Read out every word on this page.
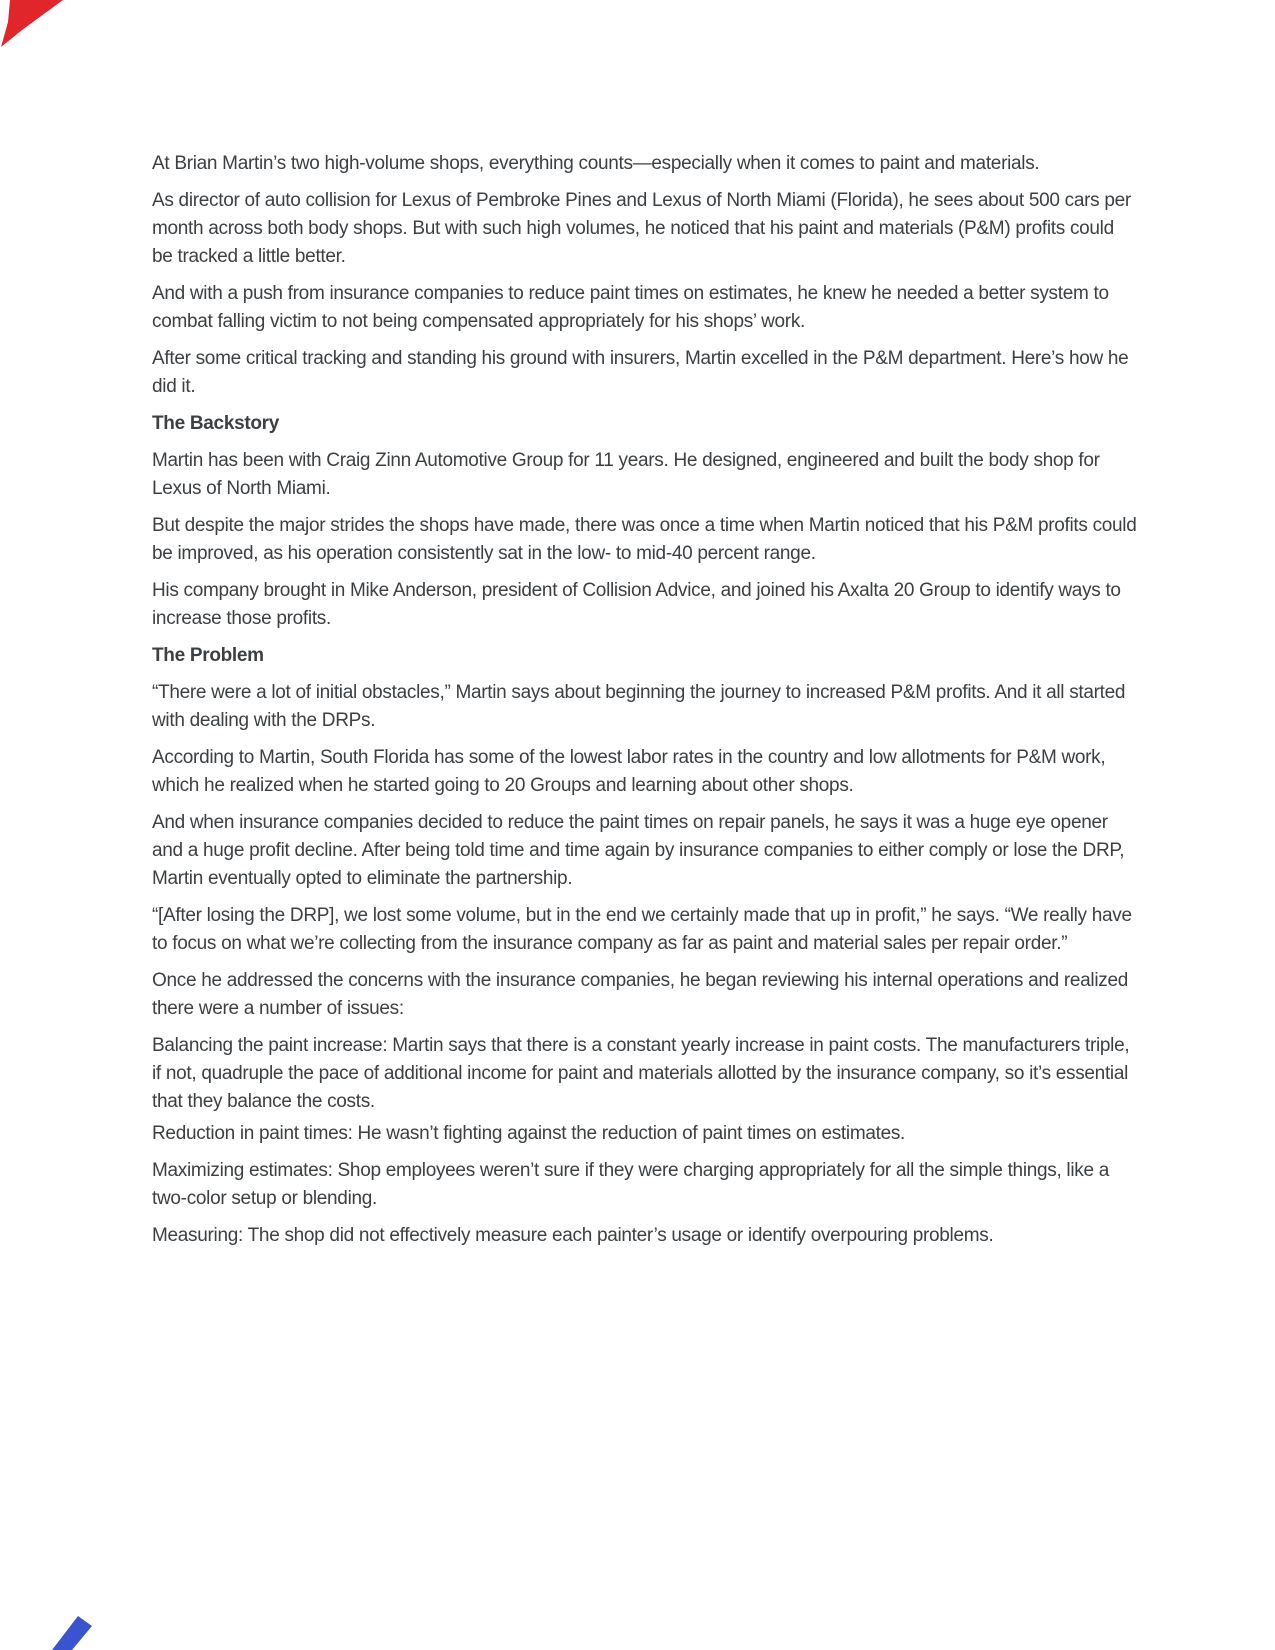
At Brian Martin’s two high-volume shops, everything counts—especially when it comes to paint and materials.

As director of auto collision for Lexus of Pembroke Pines and Lexus of North Miami (Florida), he sees about 500 cars per month across both body shops. But with such high volumes, he noticed that his paint and materials (P&M) profits could be tracked a little better.

And with a push from insurance companies to reduce paint times on estimates, he knew he needed a better system to combat falling victim to not being compensated appropriately for his shops’ work.

After some critical tracking and standing his ground with insurers, Martin excelled in the P&M department. Here’s how he did it.

The Backstory

Martin has been with Craig Zinn Automotive Group for 11 years. He designed, engineered and built the body shop for Lexus of North Miami.

But despite the major strides the shops have made, there was once a time when Martin noticed that his P&M profits could be improved, as his operation consistently sat in the low- to mid-40 percent range.

His company brought in Mike Anderson, president of Collision Advice, and joined his Axalta 20 Group to identify ways to increase those profits.

The Problem

“There were a lot of initial obstacles,” Martin says about beginning the journey to increased P&M profits. And it all started with dealing with the DRPs.

According to Martin, South Florida has some of the lowest labor rates in the country and low allotments for P&M work, which he realized when he started going to 20 Groups and learning about other shops.

And when insurance companies decided to reduce the paint times on repair panels, he says it was a huge eye opener and a huge profit decline. After being told time and time again by insurance companies to either comply or lose the DRP, Martin eventually opted to eliminate the partnership.

“[After losing the DRP], we lost some volume, but in the end we certainly made that up in profit,” he says. “We really have to focus on what we’re collecting from the insurance company as far as paint and material sales per repair order.”

Once he addressed the concerns with the insurance companies, he began reviewing his internal operations and realized there were a number of issues:

Balancing the paint increase: Martin says that there is a constant yearly increase in paint costs. The manufacturers triple, if not, quadruple the pace of additional income for paint and materials allotted by the insurance company, so it’s essential that they balance the costs.

Reduction in paint times: He wasn’t fighting against the reduction of paint times on estimates.

Maximizing estimates: Shop employees weren’t sure if they were charging appropriately for all the simple things, like a two-color setup or blending.

Measuring: The shop did not effectively measure each painter’s usage or identify overpouring problems.
